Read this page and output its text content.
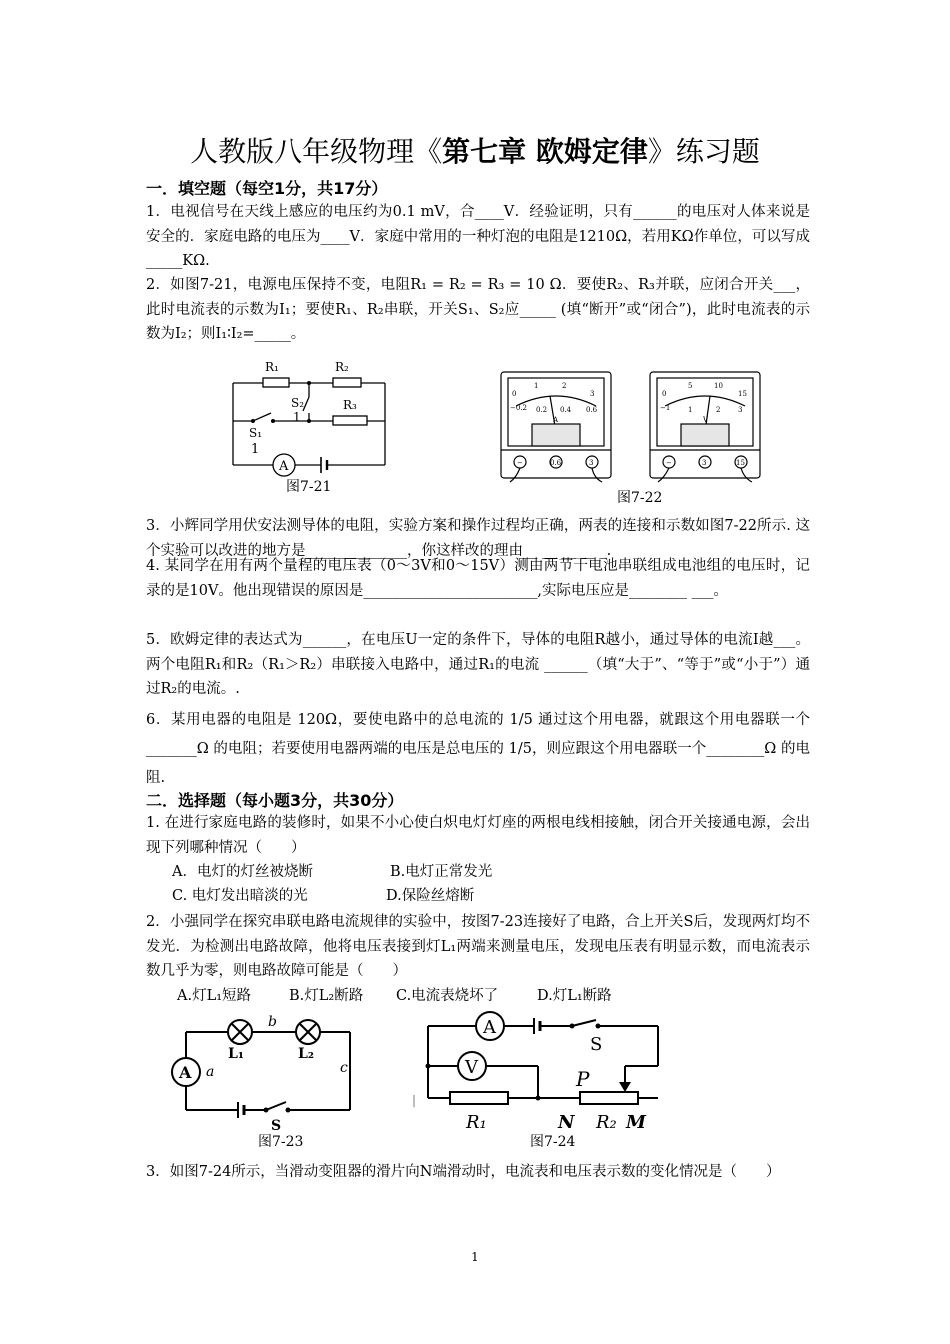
人教版八年级物理《第七章 欧姆定律》练习题
一．填空题（每空1分，共17分）
1．电视信号在天线上感应的电压约为0.1 mV，合____V．经验证明，只有______的电压对人体来说是安全的．家庭电路的电压为____V．家庭中常用的一种灯泡的电阻是1210Ω，若用KΩ作单位，可以写成_____KΩ.
2．如图7-21，电源电压保持不变，电阻R₁ = R₂ = R₃ = 10 Ω．要使R₂、R₃并联，应闭合开关___，此时电流表的示数为I₁；要使R₁、R₂串联，开关S₁、S₂应_____ (填“断开”或“闭合”)，此时电流表的示数为I₂；则I₁∶I₂=_____。
R₁	R₂
R₃
S₂
1
S₁
1
A
图7-21
0
1	2
3
−0.2 0.2 0.4 0.6
A
−	0.6	3
0
5	10
15
−1	1	2	3
V
−	3	15
图7-22
3．小辉同学用伏安法测导体的电阻，实验方案和操作过程均正确，两表的连接和示数如图7-22所示. 这个实验可以改进的地方是______________，你这样改的理由__ __ __ __ _.
4. 某同学在用有两个量程的电压表（0～3V和0～15V）测由两节干电池串联组成电池组的电压时，记录的是10V。他出现错误的原因是________________________,实际电压应是________ ___。
5．欧姆定律的表达式为______，在电压U一定的条件下，导体的电阻R越小，通过导体的电流I越___。两个电阻R₁和R₂（R₁＞R₂）串联接入电路中，通过R₁的电流 ______（填“大于”、“等于”或“小于”）通过R₂的电流。.
6．某用电器的电阻是 120Ω，要使电路中的总电流的 1/5 通过这个用电器，就跟这个用电器联一个_______Ω 的电阻；若要使用电器两端的电压是总电压的 1/5，则应跟这个用电器联一个________Ω 的电阻.
二．选择题（每小题3分，共30分）
1. 在进行家庭电路的装修时，如果不小心使白炽电灯灯座的两根电线相接触，闭合开关接通电源，会出现下列哪种情况（　　）
A．电灯的灯丝被烧断	B.电灯正常发光
C. 电灯发出暗淡的光	D.保险丝熔断
2．小强同学在探究串联电路电流规律的实验中，按图7-23连接好了电路，合上开关S后，发现两灯均不发光．为检测出电路故障，他将电压表接到灯L₁两端来测量电压，发现电压表有明显示数，而电流表示数几乎为零，则电路故障可能是（　　）
A.灯L₁短路	B.灯L₂断路 C.电流表烧坏了	D.灯L₁断路
A a
b
c
L₁	L₂
S
图7-23
A
V
S
P
R₁	N R₂ M
|
图7-24
3．如图7-24所示，当滑动变阻器的滑片向N端滑动时，电流表和电压表示数的变化情况是（　　）
1
